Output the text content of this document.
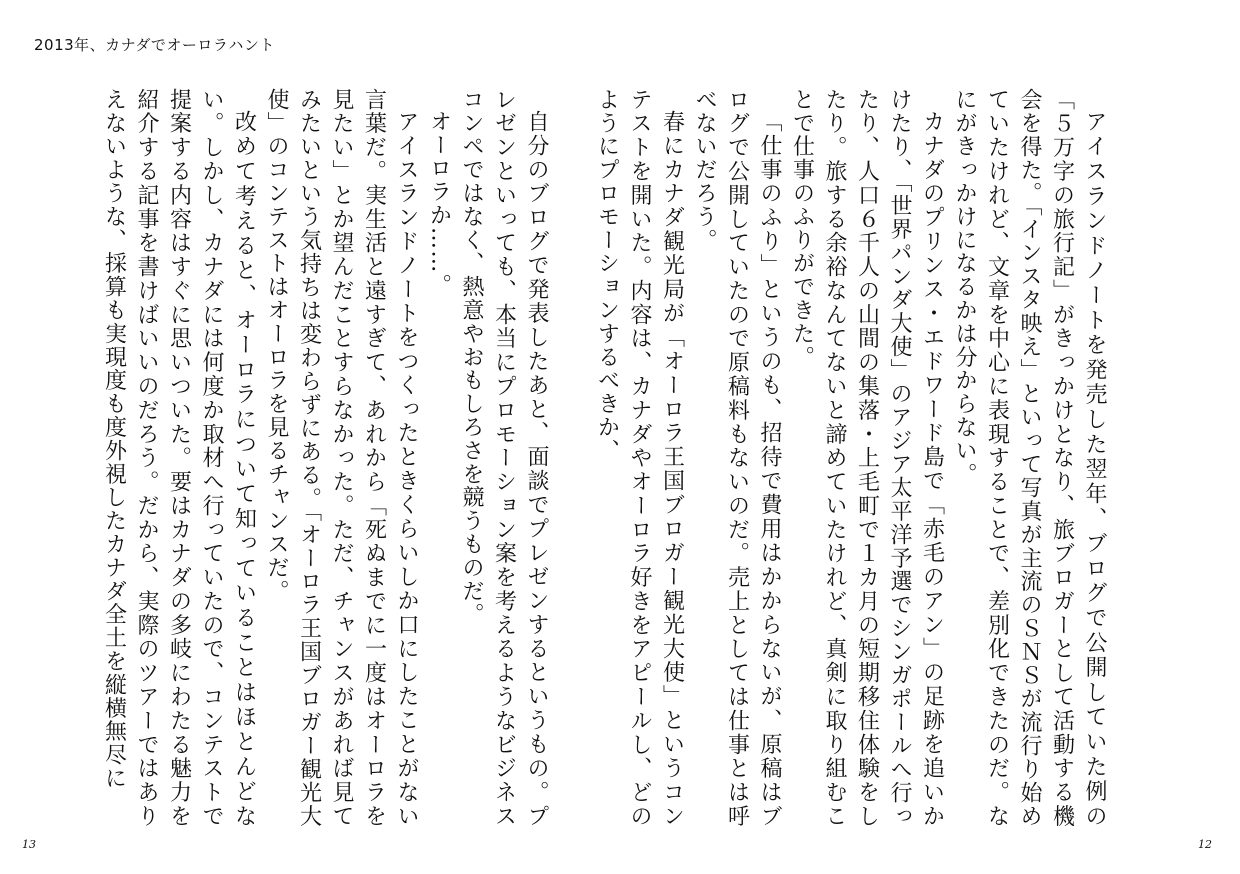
2013年、カナダでオーロラハント

アイスランドノートを発売した翌年、ブログで公開していた例の「５万字の旅行記」がきっかけとなり、旅ブロガーとして活動する機会を得た。「インスタ映え」といって写真が主流のＳＮＳが流行り始めていたけれど、文章を中心に表現することで、差別化できたのだ。なにがきっかけになるかは分からない。

カナダのプリンス・エドワード島で「赤毛のアン」の足跡を追いかけたり、「世界パンダ大使」のアジア太平洋予選でシンガポールへ行ったり、人口６千人の山間の集落・上毛町で１カ月の短期移住体験をしたり。旅する余裕なんてないと諦めていたけれど、真剣に取り組むことで仕事のふりができた。

「仕事のふり」というのも、招待で費用はかからないが、原稿はブログで公開していたので原稿料もないのだ。売上としては仕事とは呼べないだろう。

春にカナダ観光局が「オーロラ王国ブロガー観光大使」というコンテストを開いた。内容は、カナダやオーロラ好きをアピールし、どのようにプロモーションするべきか、

自分のブログで発表したあと、面談でプレゼンするというもの。プレゼンといっても、本当にプロモーション案を考えるようなビジネスコンペではなく、熱意やおもしろさを競うものだ。

オーロラか……。

アイスランドノートをつくったときくらいしか口にしたことがない言葉だ。実生活と遠すぎて、あれから「死ぬまでに一度はオーロラを見たい」とか望んだことすらなかった。ただ、チャンスがあれば見てみたいという気持ちは変わらずにある。「オーロラ王国ブロガー観光大使」のコンテストはオーロラを見るチャンスだ。

改めて考えると、オーロラについて知っていることはほとんどない。しかし、カナダには何度か取材へ行っていたので、コンテストで提案する内容はすぐに思いついた。要はカナダの多岐にわたる魅力を紹介する記事を書けばいいのだろう。だから、実際のツアーではありえないような、採算も実現度も度外視したカナダ全土を縦横無尽に

13	12
